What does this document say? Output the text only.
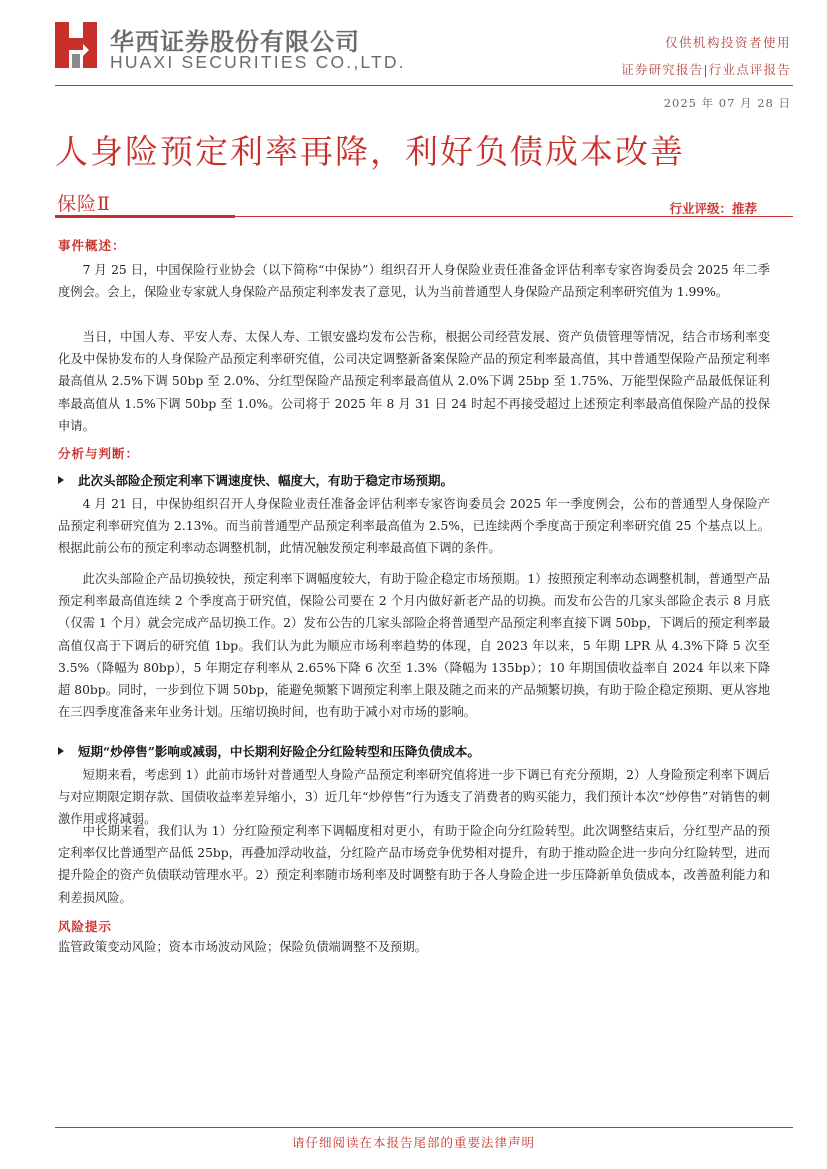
华西证券股份有限公司
HUAXI SECURITIES CO.,LTD.
仅供机构投资者使用
证券研究报告|行业点评报告
2025 年 07 月 28 日
人身险预定利率再降，利好负债成本改善
保险Ⅱ	行业评级：推荐
事件概述：

7 月 25 日，中国保险行业协会（以下简称“中保协”）组织召开人身保险业责任准备金评估利率专家咨询委员会 2025 年二季度例会。会上，保险业专家就人身保险产品预定利率发表了意见，认为当前普通型人身保险产品预定利率研究值为 1.99%。

当日，中国人寿、平安人寿、太保人寿、工银安盛均发布公告称，根据公司经营发展、资产负债管理等情况，结合市场利率变化及中保协发布的人身保险产品预定利率研究值，公司决定调整新备案保险产品的预定利率最高值，其中普通型保险产品预定利率最高值从 2.5%下调 50bp 至 2.0%、分红型保险产品预定利率最高值从 2.0%下调 25bp 至 1.75%、万能型保险产品最低保证利率最高值从 1.5%下调 50bp 至 1.0%。公司将于 2025 年 8 月 31 日 24 时起不再接受超过上述预定利率最高值保险产品的投保申请。

分析与判断：
此次头部险企预定利率下调速度快、幅度大，有助于稳定市场预期。

4 月 21 日，中保协组织召开人身保险业责任准备金评估利率专家咨询委员会 2025 年一季度例会，公布的普通型人身保险产品预定利率研究值为 2.13%。而当前普通型产品预定利率最高值为 2.5%，已连续两个季度高于预定利率研究值 25 个基点以上。根据此前公布的预定利率动态调整机制，此情况触发预定利率最高值下调的条件。

此次头部险企产品切换较快，预定利率下调幅度较大，有助于险企稳定市场预期。1）按照预定利率动态调整机制，普通型产品预定利率最高值连续 2 个季度高于研究值，保险公司要在 2 个月内做好新老产品的切换。而发布公告的几家头部险企表示 8 月底（仅需 1 个月）就会完成产品切换工作。2）发布公告的几家头部险企将普通型产品预定利率直接下调 50bp，下调后的预定利率最高值仅高于下调后的研究值 1bp。我们认为此为顺应市场利率趋势的体现，自 2023 年以来，5 年期 LPR 从 4.3%下降 5 次至 3.5%（降幅为 80bp），5 年期定存利率从 2.65%下降 6 次至 1.3%（降幅为 135bp）；10 年期国债收益率自 2024 年以来下降超 80bp。同时，一步到位下调 50bp，能避免频繁下调预定利率上限及随之而来的产品频繁切换，有助于险企稳定预期、更从容地在三四季度准备来年业务计划。压缩切换时间，也有助于减小对市场的影响。

短期“炒停售”影响或减弱，中长期利好险企分红险转型和压降负债成本。

短期来看，考虑到 1）此前市场针对普通型人身险产品预定利率研究值将进一步下调已有充分预期，2）人身险预定利率下调后与对应期限定期存款、国债收益率差异缩小，3）近几年“炒停售”行为透支了消费者的购买能力，我们预计本次“炒停售”对销售的刺激作用或将减弱。

中长期来看，我们认为 1）分红险预定利率下调幅度相对更小，有助于险企向分红险转型。此次调整结束后，分红型产品的预定利率仅比普通型产品低 25bp，再叠加浮动收益，分红险产品市场竞争优势相对提升，有助于推动险企进一步向分红险转型，进而提升险企的资产负债联动管理水平。2）预定利率随市场利率及时调整有助于各人身险企进一步压降新单负债成本，改善盈利能力和利差损风险。

风险提示

监管政策变动风险；资本市场波动风险；保险负债端调整不及预期。

请仔细阅读在本报告尾部的重要法律声明
